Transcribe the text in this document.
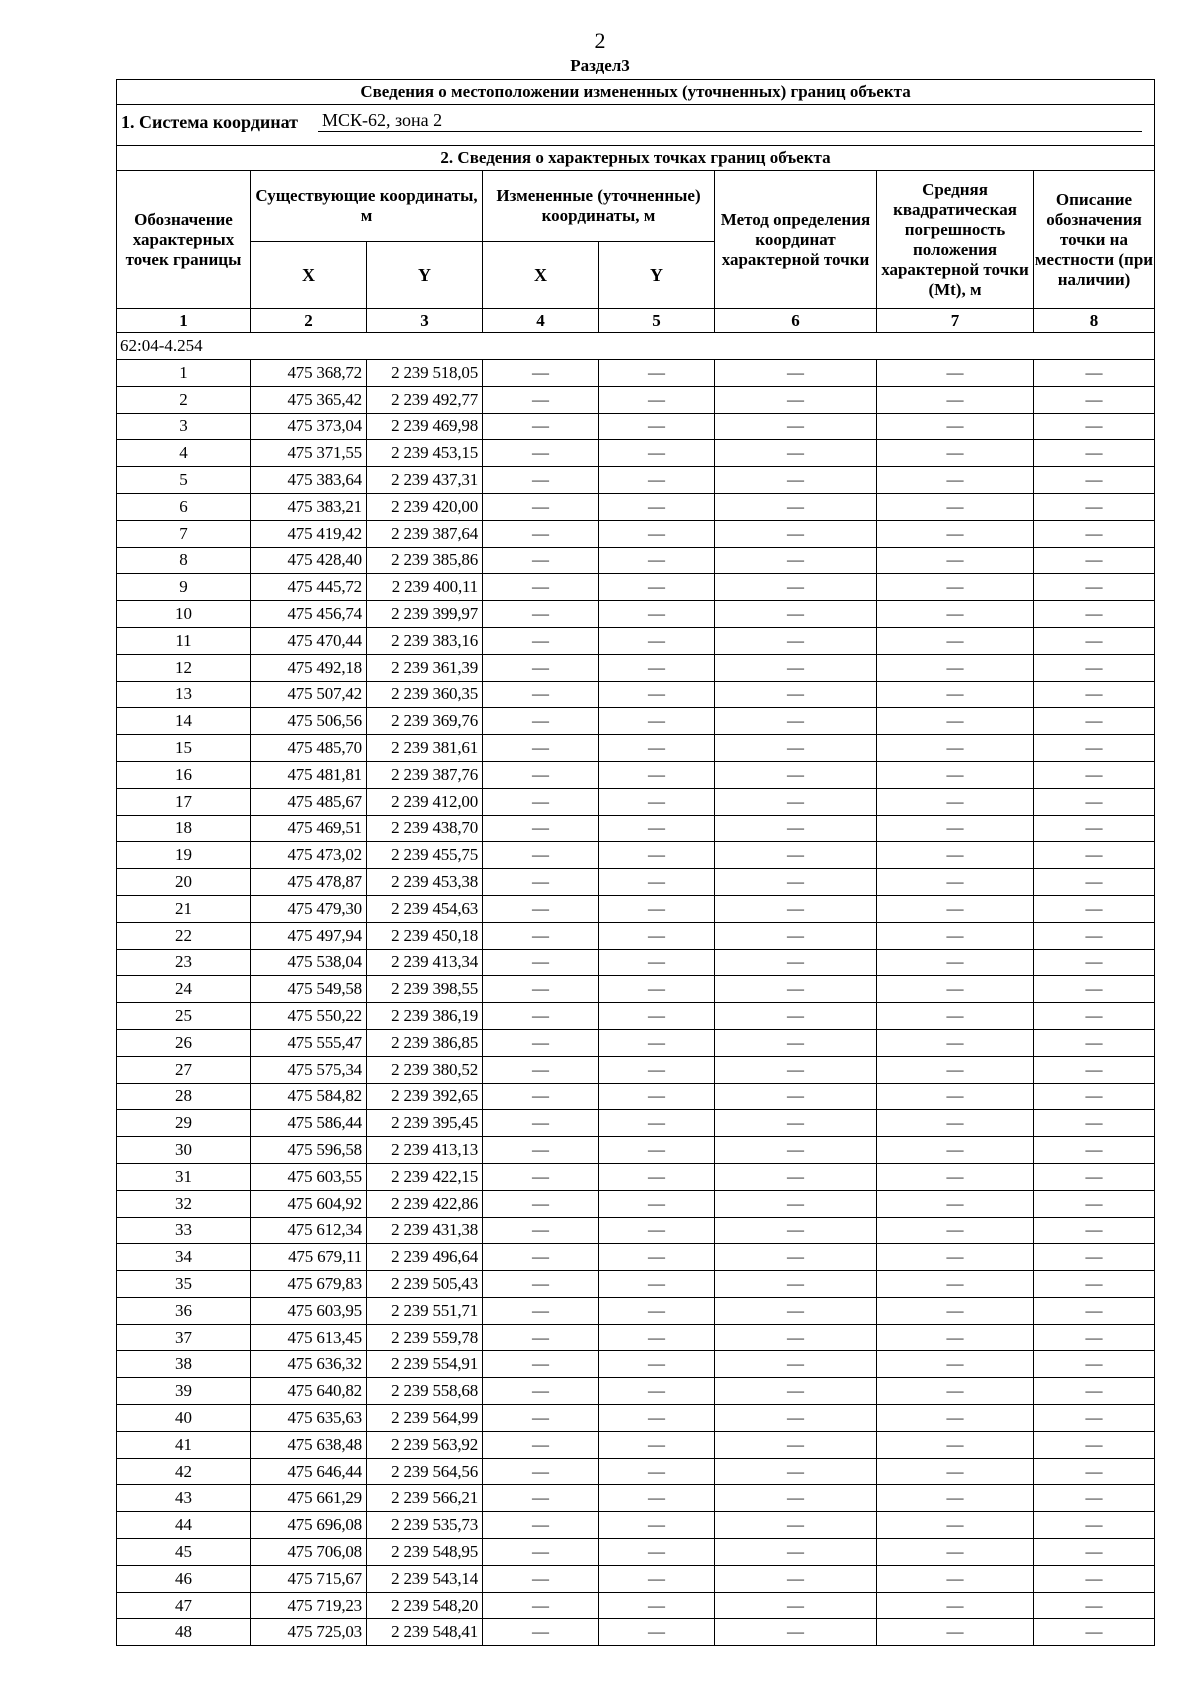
2
Раздел3
Сведения о местоположении измененных (уточненных) границ объекта							

1. Система координат МСК-62, зона 2							

2. Сведения о характерных точках границ объекта							
Обозначение характерных точек границы	Существующие координаты, м		Измененные (уточненные) координаты, м		Метод определения координат характерной точки	Средняя квадратическая погрешность положения характерной точки (Mt), м	Описание обозначения точки на местности (при наличии)
	X	Y	X	Y			
1	2	3	4	5	6	7	8
62:04-4.254							
1	475 368,72	2 239 518,05	—	—	—	—	—
2	475 365,42	2 239 492,77	—	—	—	—	—
3	475 373,04	2 239 469,98	—	—	—	—	—
4	475 371,55	2 239 453,15	—	—	—	—	—
5	475 383,64	2 239 437,31	—	—	—	—	—
6	475 383,21	2 239 420,00	—	—	—	—	—
7	475 419,42	2 239 387,64	—	—	—	—	—
8	475 428,40	2 239 385,86	—	—	—	—	—
9	475 445,72	2 239 400,11	—	—	—	—	—
10	475 456,74	2 239 399,97	—	—	—	—	—
11	475 470,44	2 239 383,16	—	—	—	—	—
12	475 492,18	2 239 361,39	—	—	—	—	—
13	475 507,42	2 239 360,35	—	—	—	—	—
14	475 506,56	2 239 369,76	—	—	—	—	—
15	475 485,70	2 239 381,61	—	—	—	—	—
16	475 481,81	2 239 387,76	—	—	—	—	—
17	475 485,67	2 239 412,00	—	—	—	—	—
18	475 469,51	2 239 438,70	—	—	—	—	—
19	475 473,02	2 239 455,75	—	—	—	—	—
20	475 478,87	2 239 453,38	—	—	—	—	—
21	475 479,30	2 239 454,63	—	—	—	—	—
22	475 497,94	2 239 450,18	—	—	—	—	—
23	475 538,04	2 239 413,34	—	—	—	—	—
24	475 549,58	2 239 398,55	—	—	—	—	—
25	475 550,22	2 239 386,19	—	—	—	—	—
26	475 555,47	2 239 386,85	—	—	—	—	—
27	475 575,34	2 239 380,52	—	—	—	—	—
28	475 584,82	2 239 392,65	—	—	—	—	—
29	475 586,44	2 239 395,45	—	—	—	—	—
30	475 596,58	2 239 413,13	—	—	—	—	—
31	475 603,55	2 239 422,15	—	—	—	—	—
32	475 604,92	2 239 422,86	—	—	—	—	—
33	475 612,34	2 239 431,38	—	—	—	—	—
34	475 679,11	2 239 496,64	—	—	—	—	—
35	475 679,83	2 239 505,43	—	—	—	—	—
36	475 603,95	2 239 551,71	—	—	—	—	—
37	475 613,45	2 239 559,78	—	—	—	—	—
38	475 636,32	2 239 554,91	—	—	—	—	—
39	475 640,82	2 239 558,68	—	—	—	—	—
40	475 635,63	2 239 564,99	—	—	—	—	—
41	475 638,48	2 239 563,92	—	—	—	—	—
42	475 646,44	2 239 564,56	—	—	—	—	—
43	475 661,29	2 239 566,21	—	—	—	—	—
44	475 696,08	2 239 535,73	—	—	—	—	—
45	475 706,08	2 239 548,95	—	—	—	—	—
46	475 715,67	2 239 543,14	—	—	—	—	—
47	475 719,23	2 239 548,20	—	—	—	—	—
48	475 725,03	2 239 548,41	—	—	—	—	—
